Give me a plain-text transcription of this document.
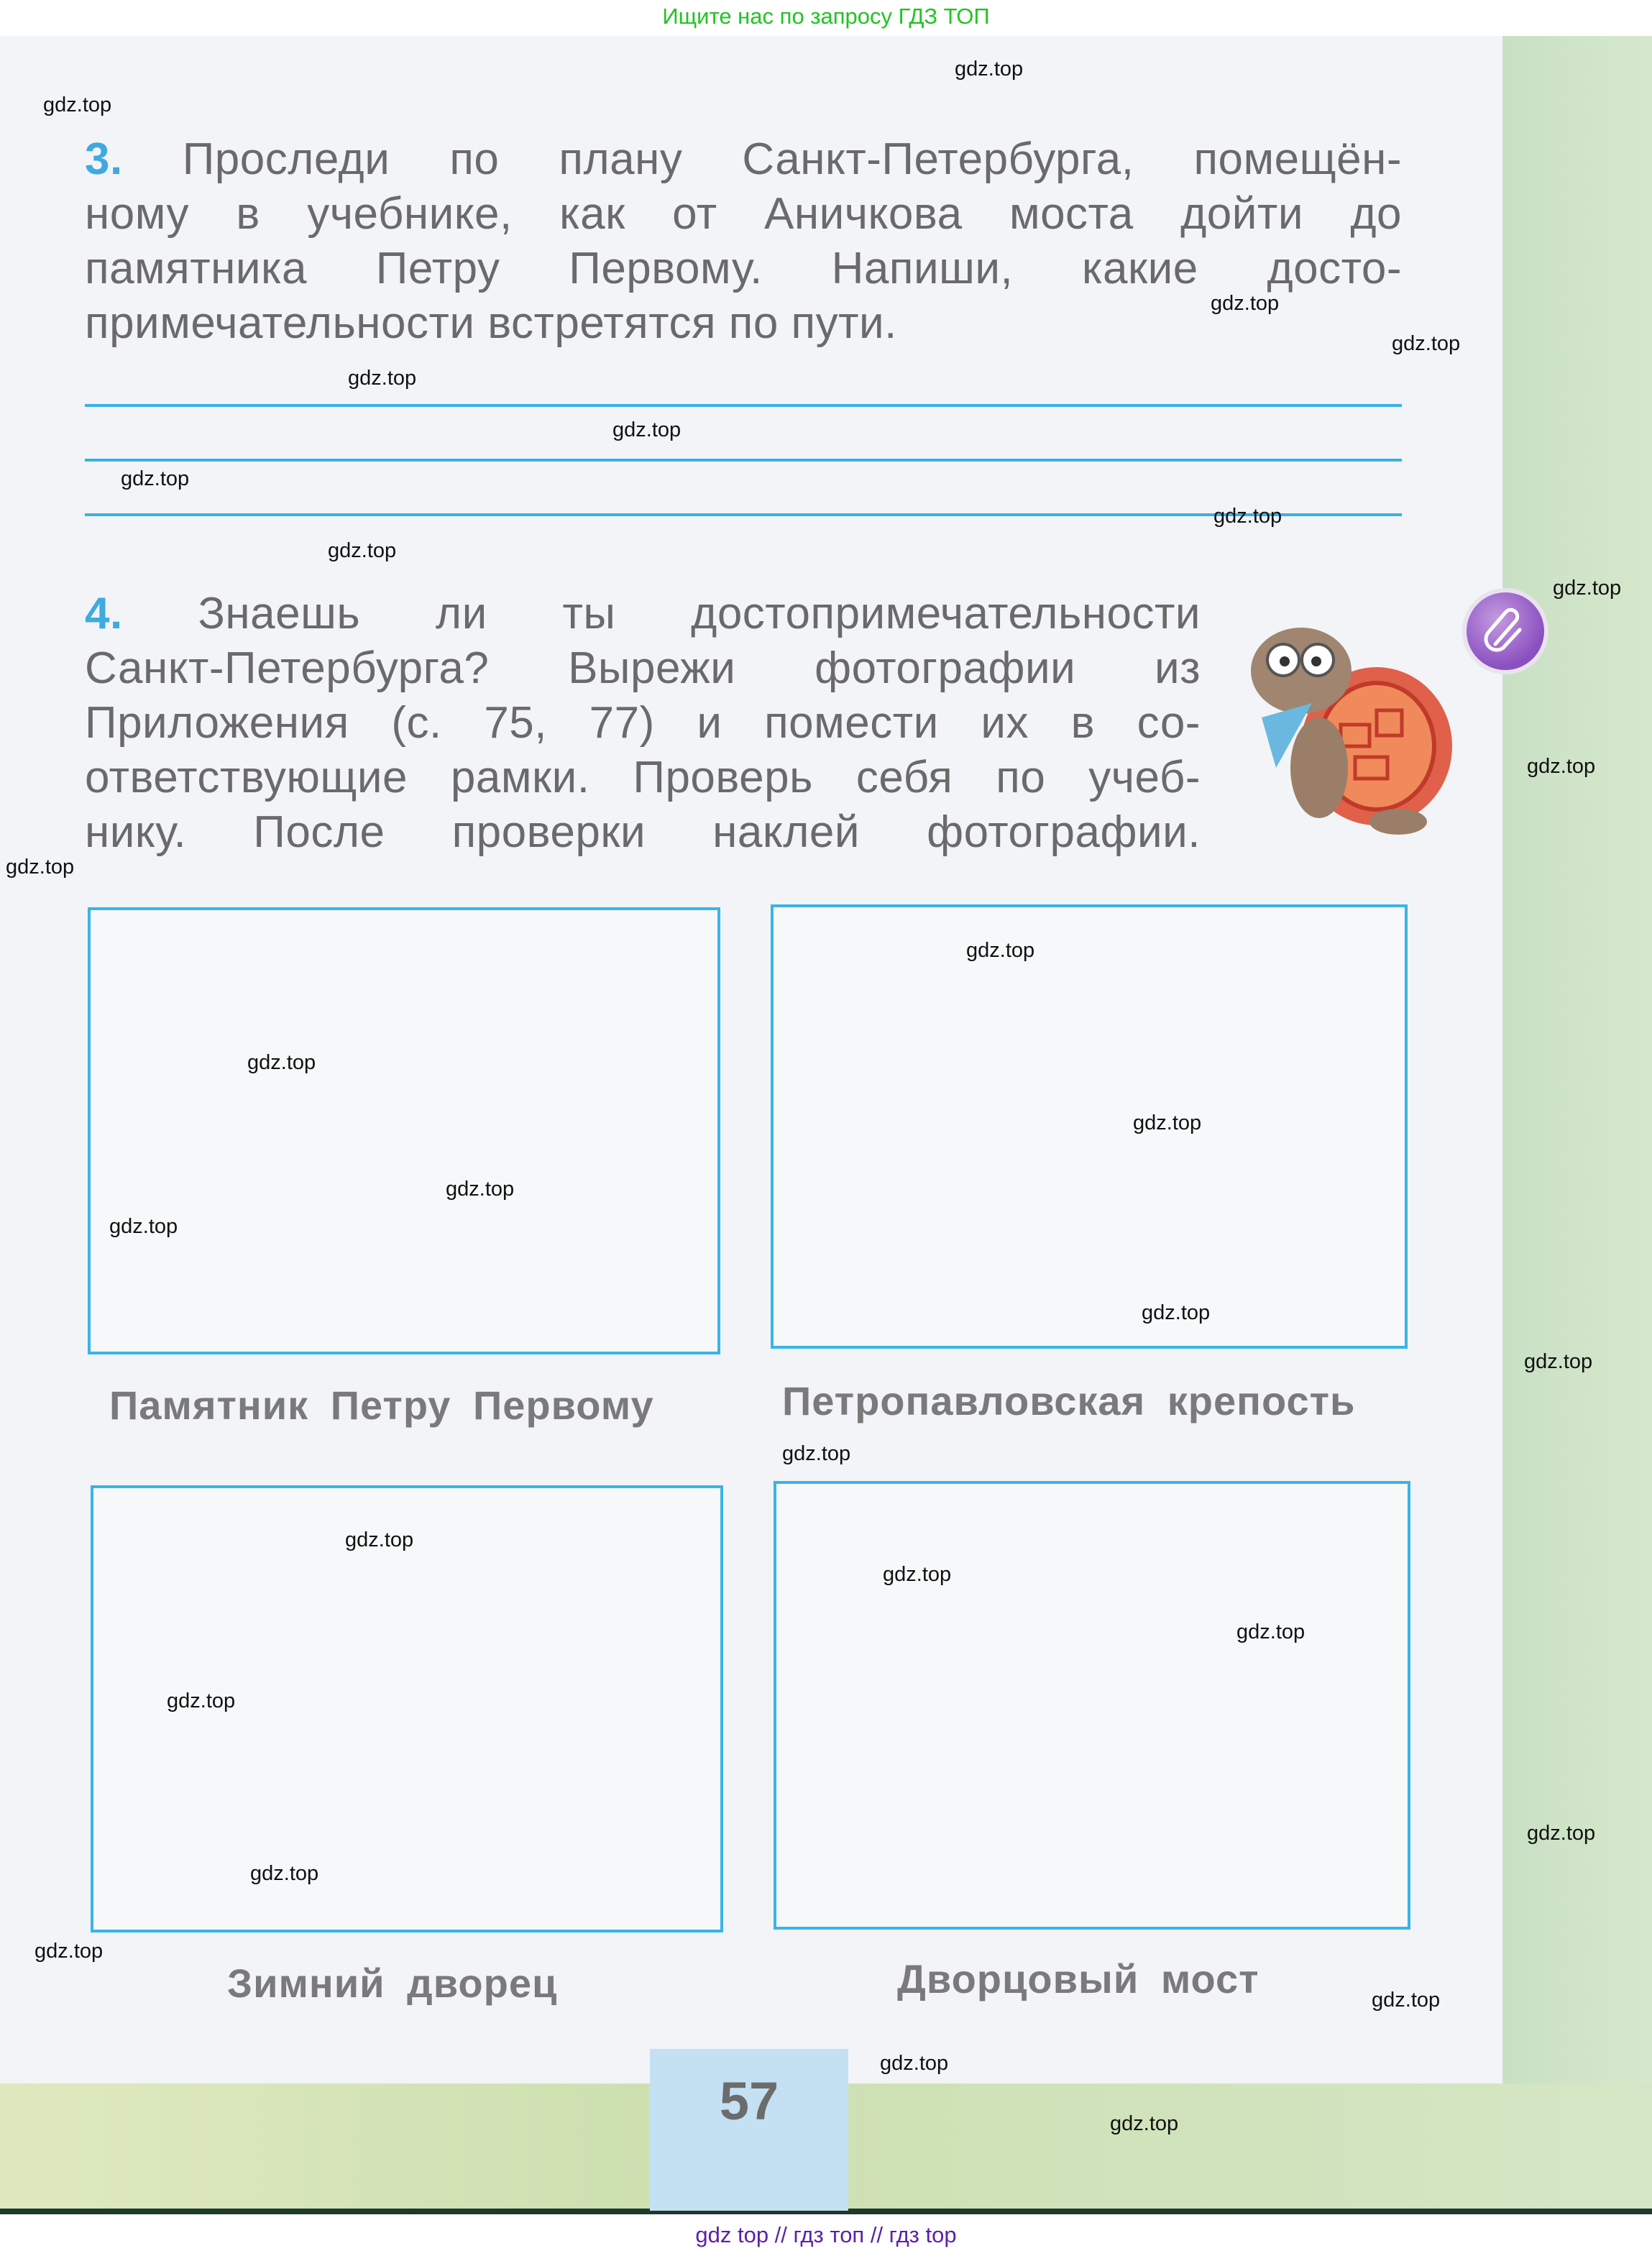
Ищите нас по запросу ГДЗ ТОП
3. Проследи по плану Санкт-Петербурга, помещён-
ному в учебнике, как от Аничкова моста дойти до
памятника Петру Первому. Напиши, какие досто-
примечательности встретятся по пути.
4. Знаешь ли ты достопримечательности
Санкт-Петербурга? Вырежи фотографии из
Приложения (с. 75, 77) и помести их в со-
ответствующие рамки. Проверь себя по учеб-
нику. После проверки наклей фотографии.
Памятник Петру Первому	Петропавловская крепость
Зимний дворец	Дворцовый мост
57
gdz top // гдз топ // гдз top
gdz.top
gdz.top
gdz.top
gdz.top
gdz.top
gdz.top
gdz.top
gdz.top
gdz.top
gdz.top
gdz.top
gdz.top
gdz.top
gdz.top
gdz.top
gdz.top
gdz.top
gdz.top
gdz.top
gdz.top
gdz.top
gdz.top
gdz.top
gdz.top
gdz.top
gdz.top
gdz.top
gdz.top
gdz.top
gdz.top
